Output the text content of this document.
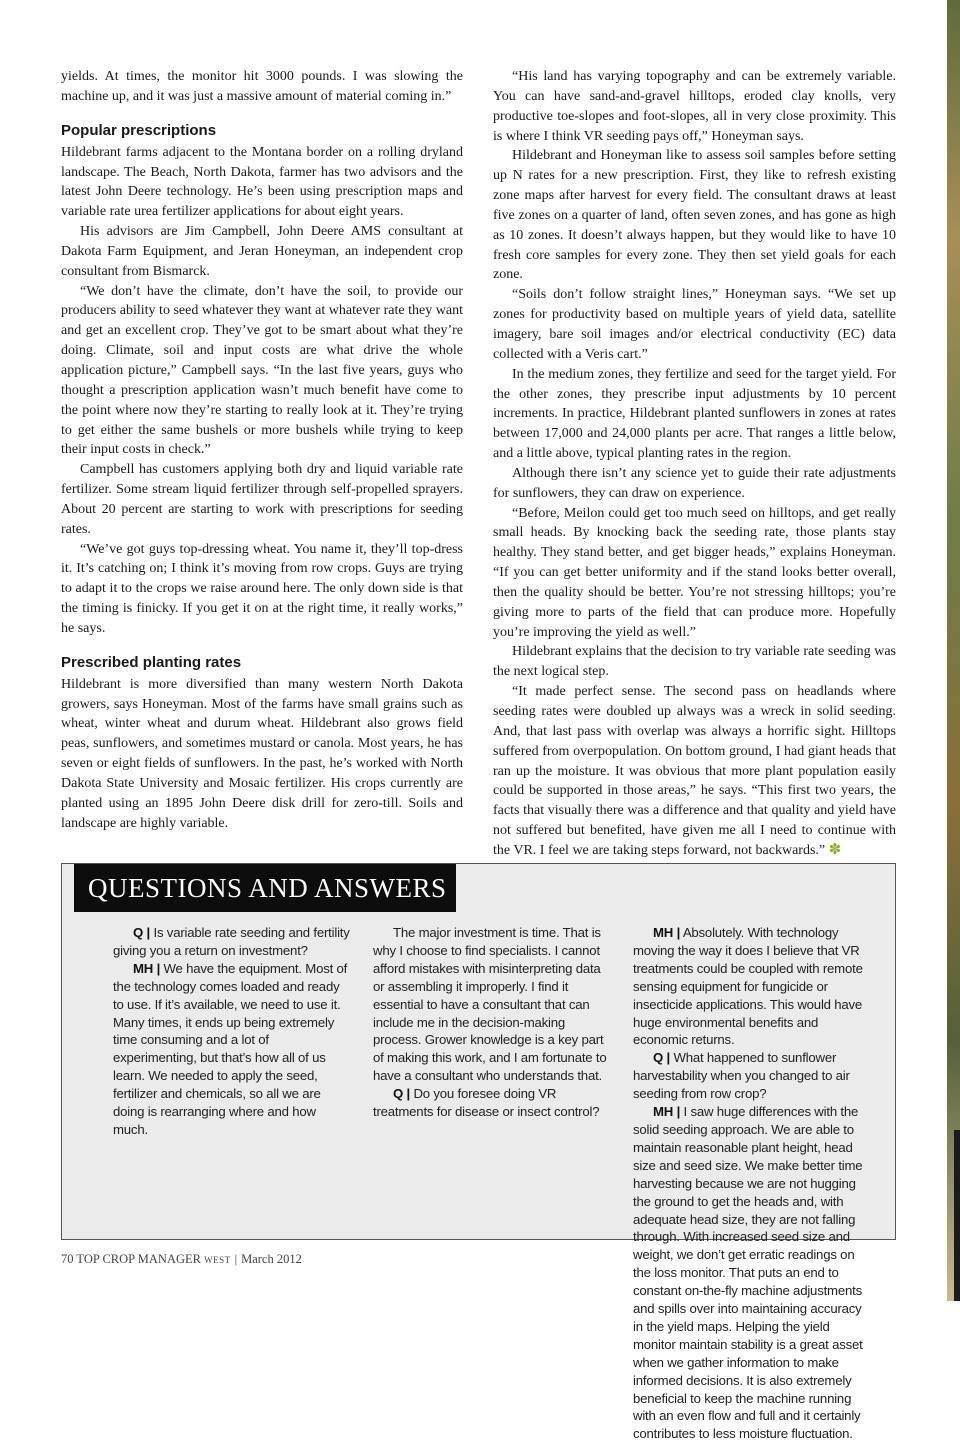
yields. At times, the monitor hit 3000 pounds. I was slowing the machine up, and it was just a massive amount of material coming in.”

Popular prescriptions

Hildebrant farms adjacent to the Montana border on a rolling dryland landscape. The Beach, North Dakota, farmer has two advisors and the latest John Deere technology. He’s been using prescription maps and variable rate urea fertilizer applications for about eight years.

His advisors are Jim Campbell, John Deere AMS consultant at Dakota Farm Equipment, and Jeran Honeyman, an independent crop consultant from Bismarck.

“We don’t have the climate, don’t have the soil, to provide our producers ability to seed whatever they want at whatever rate they want and get an excellent crop. They’ve got to be smart about what they’re doing. Climate, soil and input costs are what drive the whole application picture,” Campbell says. “In the last five years, guys who thought a prescription application wasn’t much benefit have come to the point where now they’re starting to really look at it. They’re trying to get either the same bushels or more bushels while trying to keep their input costs in check.”

Campbell has customers applying both dry and liquid variable rate fertilizer. Some stream liquid fertilizer through self-propelled sprayers. About 20 percent are starting to work with prescriptions for seeding rates.

“We’ve got guys top-dressing wheat. You name it, they’ll top-dress it. It’s catching on; I think it’s moving from row crops. Guys are trying to adapt it to the crops we raise around here. The only down side is that the timing is finicky. If you get it on at the right time, it really works,” he says.

Prescribed planting rates

Hildebrant is more diversified than many western North Dakota growers, says Honeyman. Most of the farms have small grains such as wheat, winter wheat and durum wheat. Hildebrant also grows field peas, sunflowers, and sometimes mustard or canola. Most years, he has seven or eight fields of sunflowers. In the past, he’s worked with North Dakota State University and Mosaic fertilizer. His crops currently are planted using an 1895 John Deere disk drill for zero-till. Soils and landscape are highly variable.

“His land has varying topography and can be extremely variable. You can have sand-and-gravel hilltops, eroded clay knolls, very productive toe-slopes and foot-slopes, all in very close proximity. This is where I think VR seeding pays off,” Honeyman says.

Hildebrant and Honeyman like to assess soil samples before setting up N rates for a new prescription. First, they like to refresh existing zone maps after harvest for every field. The consultant draws at least five zones on a quarter of land, often seven zones, and has gone as high as 10 zones. It doesn’t always happen, but they would like to have 10 fresh core samples for every zone. They then set yield goals for each zone.

“Soils don’t follow straight lines,” Honeyman says. “We set up zones for productivity based on multiple years of yield data, satellite imagery, bare soil images and/or electrical conductivity (EC) data collected with a Veris cart.”

In the medium zones, they fertilize and seed for the target yield. For the other zones, they prescribe input adjustments by 10 percent increments. In practice, Hildebrant planted sunflowers in zones at rates between 17,000 and 24,000 plants per acre. That ranges a little below, and a little above, typical planting rates in the region.

Although there isn’t any science yet to guide their rate adjustments for sunflowers, they can draw on experience.

“Before, Meilon could get too much seed on hilltops, and get really small heads. By knocking back the seeding rate, those plants stay healthy. They stand better, and get bigger heads,” explains Honeyman. “If you can get better uniformity and if the stand looks better overall, then the quality should be better. You’re not stressing hilltops; you’re giving more to parts of the field that can produce more. Hopefully you’re improving the yield as well.”

Hildebrant explains that the decision to try variable rate seeding was the next logical step.

“It made perfect sense. The second pass on headlands where seeding rates were doubled up always was a wreck in solid seeding. And, that last pass with overlap was always a horrific sight. Hilltops suffered from overpopulation. On bottom ground, I had giant heads that ran up the moisture. It was obvious that more plant population easily could be supported in those areas,” he says. “This first two years, the facts that visually there was a difference and that quality and yield have not suffered but benefited, have given me all I need to continue with the VR. I feel we are taking steps forward, not backwards.” ✽

QUESTIONS AND ANSWERS

Q | Is variable rate seeding and fertility giving you a return on investment?

MH | We have the equipment. Most of the technology comes loaded and ready to use. If it’s available, we need to use it. Many times, it ends up being extremely time consuming and a lot of experimenting, but that’s how all of us learn. We needed to apply the seed, fertilizer and chemicals, so all we are doing is rearranging where and how much.

The major investment is time. That is why I choose to find specialists. I cannot afford mistakes with misinterpreting data or assembling it improperly. I find it essential to have a consultant that can include me in the decision-making process. Grower knowledge is a key part of making this work, and I am fortunate to have a consultant who understands that.

Q | Do you foresee doing VR treatments for disease or insect control?

MH | Absolutely. With technology moving the way it does I believe that VR treatments could be coupled with remote sensing equipment for fungicide or insecticide applications. This would have huge environmental benefits and economic returns.

Q | What happened to sunflower harvestability when you changed to air seeding from row crop?

MH | I saw huge differences with the solid seeding approach. We are able to maintain reasonable plant height, head size and seed size. We make better time harvesting because we are not hugging the ground to get the heads and, with adequate head size, they are not falling through. With increased seed size and weight, we don’t get erratic readings on the loss monitor. That puts an end to constant on-the-fly machine adjustments and spills over into maintaining accuracy in the yield maps. Helping the yield monitor maintain stability is a great asset when we gather information to make informed decisions. It is also extremely beneficial to keep the machine running with an even flow and full and it certainly contributes to less moisture fluctuation.

70 TOP CROP MANAGER WEST | March 2012
